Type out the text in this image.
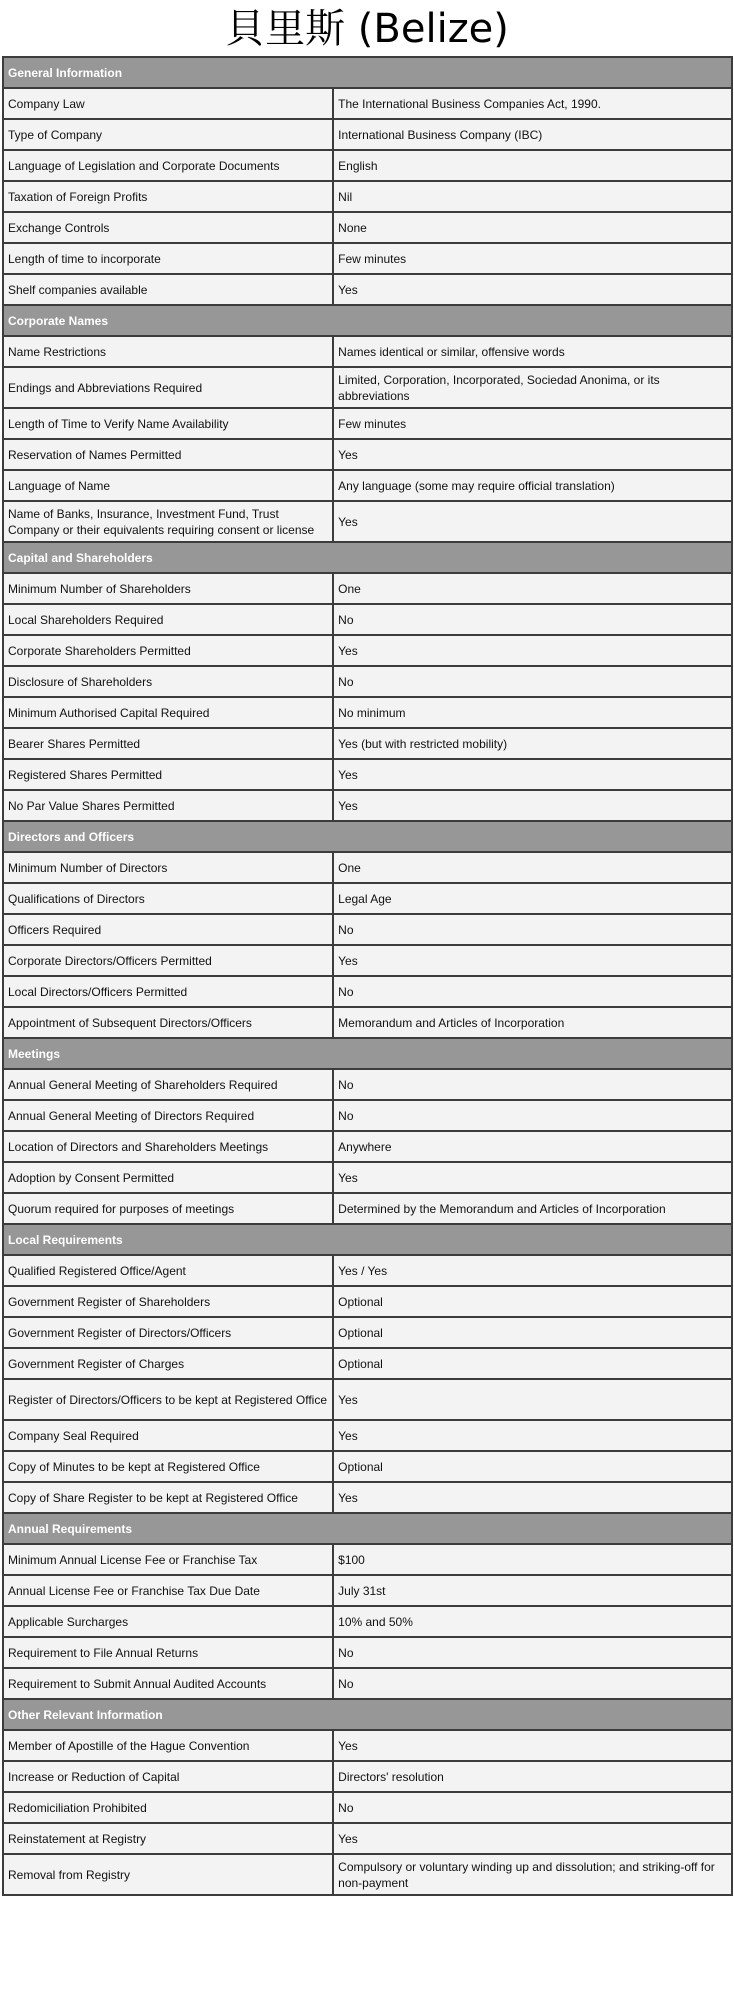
貝里斯 (Belize)
General Information	
Company Law	The International Business Companies Act, 1990.
Type of Company	International Business Company (IBC)
Language of Legislation and Corporate Documents	English
Taxation of Foreign Profits	Nil
Exchange Controls	None
Length of time to incorporate	Few minutes
Shelf companies available	Yes
Corporate Names	
Name Restrictions	Names identical or similar, offensive words
Endings and Abbreviations Required	Limited, Corporation, Incorporated, Sociedad Anonima, or its abbreviations
Length of Time to Verify Name Availability	Few minutes
Reservation of Names Permitted	Yes
Language of Name	Any language (some may require official translation)
Name of Banks, Insurance, Investment Fund, Trust Company or their equivalents requiring consent or license	Yes
Capital and Shareholders	
Minimum Number of Shareholders	One
Local Shareholders Required	No
Corporate Shareholders Permitted	Yes
Disclosure of Shareholders	No
Minimum Authorised Capital Required	No minimum
Bearer Shares Permitted	Yes (but with restricted mobility)
Registered Shares Permitted	Yes
No Par Value Shares Permitted	Yes
Directors and Officers	
Minimum Number of Directors	One
Qualifications of Directors	Legal Age
Officers Required	No
Corporate Directors/Officers Permitted	Yes
Local Directors/Officers Permitted	No
Appointment of Subsequent Directors/Officers	Memorandum and Articles of Incorporation
Meetings	
Annual General Meeting of Shareholders Required	No
Annual General Meeting of Directors Required	No
Location of Directors and Shareholders Meetings	Anywhere
Adoption by Consent Permitted	Yes
Quorum required for purposes of meetings	Determined by the Memorandum and Articles of Incorporation
Local Requirements	
Qualified Registered Office/Agent	Yes / Yes
Government Register of Shareholders	Optional
Government Register of Directors/Officers	Optional
Government Register of Charges	Optional
Register of Directors/Officers to be kept at Registered Office	Yes
Company Seal Required	Yes
Copy of Minutes to be kept at Registered Office	Optional
Copy of Share Register to be kept at Registered Office	Yes
Annual Requirements	
Minimum Annual License Fee or Franchise Tax	$100
Annual License Fee or Franchise Tax Due Date	July 31st
Applicable Surcharges	10% and 50%
Requirement to File Annual Returns	No
Requirement to Submit Annual Audited Accounts	No
Other Relevant Information	
Member of Apostille of the Hague Convention	Yes
Increase or Reduction of Capital	Directors' resolution
Redomiciliation Prohibited	No
Reinstatement at Registry	Yes
Removal from Registry	Compulsory or voluntary winding up and dissolution; and striking-off for non-payment
